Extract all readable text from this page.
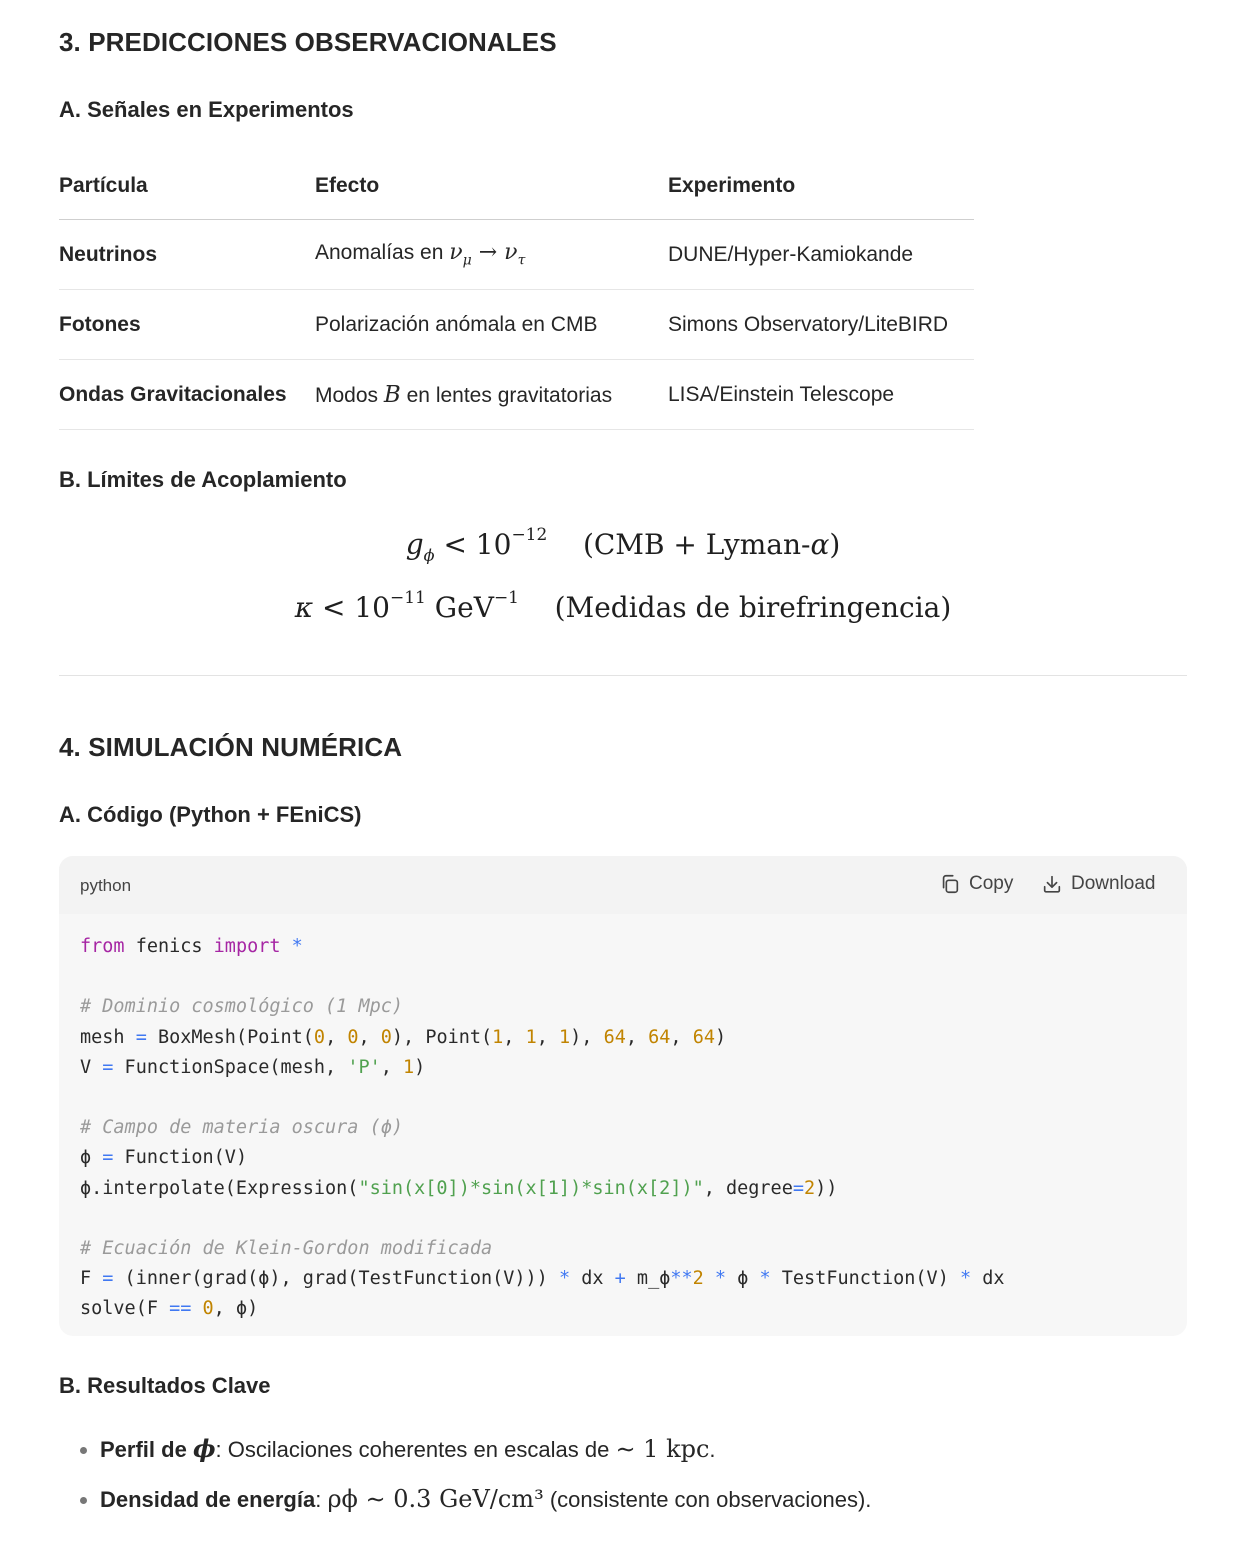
3. PREDICCIONES OBSERVACIONALES
A. Señales en Experimentos
Partícula	Efecto	Experimento
Neutrinos	Anomalías en $\nu_\mu \to \nu_\tau$	DUNE/Hyper-Kamiokande
Fotones	Polarización anómala en CMB	Simons Observatory/LiteBIRD
Ondas Gravitacionales	Modos B en lentes gravitatorias	LISA/Einstein Telescope
B. Límites de Acoplamiento
$g_\phi < 10^{-12}$ (CMB + Lyman-α)
$\kappa < 10^{-11}$ GeV$^{-1}$ (Medidas de birefringencia)
4. SIMULACIÓN NUMÉRICA
A. Código (Python + FEniCS)
python	Copy	Download
from fenics import *

# Dominio cosmológico (1 Mpc)
mesh = BoxMesh(Point(0, 0, 0), Point(1, 1, 1), 64, 64, 64)
V = FunctionSpace(mesh, 'P', 1)

# Campo de materia oscura (ϕ)
ϕ = Function(V)
ϕ.interpolate(Expression("sin(x[0])*sin(x[1])*sin(x[2])", degree=2))

# Ecuación de Klein-Gordon modificada
F = (inner(grad(ϕ), grad(TestFunction(V))) * dx + m_ϕ**2 * ϕ * TestFunction(V) * dx
solve(F == 0, ϕ)
B. Resultados Clave
• Perfil de ϕ: Oscilaciones coherentes en escalas de ∼ 1 kpc.
• Densidad de energía: ρϕ ∼ 0.3 GeV/cm³ (consistente con observaciones).
